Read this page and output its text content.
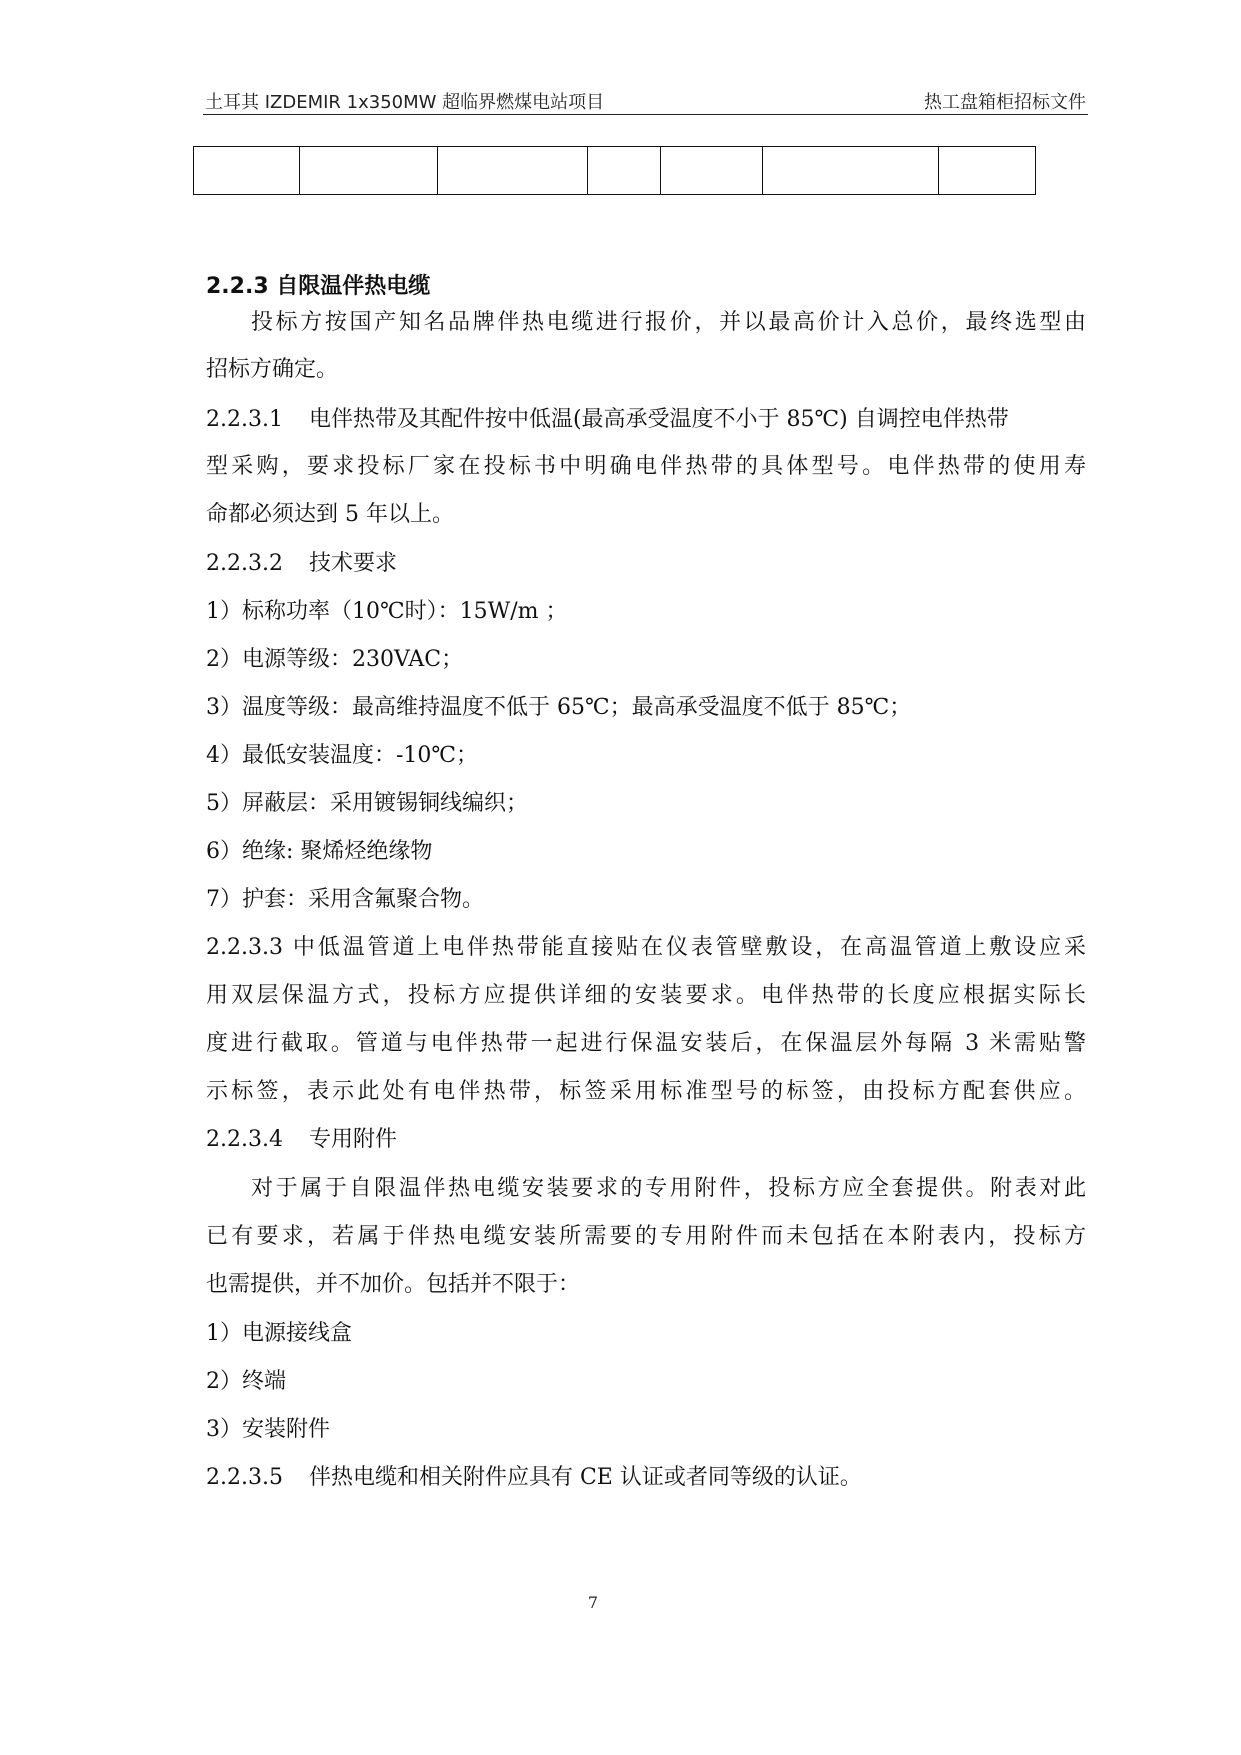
土耳其 IZDEMIR 1x350MW 超临界燃煤电站项目	热工盘箱柜招标文件

2.2.3 自限温伴热电缆
投标方按国产知名品牌伴热电缆进行报价，并以最高价计入总价，最终选型由
招标方确定。
2.2.3.1 电伴热带及其配件按中低温(最高承受温度不小于 85℃) 自调控电伴热带
型采购，要求投标厂家在投标书中明确电伴热带的具体型号。电伴热带的使用寿
命都必须达到 5 年以上。
2.2.3.2 技术要求
1）标称功率（10℃时）：15W/m ；
2）电源等级：230VAC；
3）温度等级：最高维持温度不低于 65℃；最高承受温度不低于 85℃；
4）最低安装温度：-10℃；
5）屏蔽层：采用镀锡铜线编织；
6）绝缘: 聚烯烃绝缘物
7）护套：采用含氟聚合物。
2.2.3.3 中低温管道上电伴热带能直接贴在仪表管壁敷设，在高温管道上敷设应采
用双层保温方式，投标方应提供详细的安装要求。电伴热带的长度应根据实际长
度进行截取。管道与电伴热带一起进行保温安装后，在保温层外每隔 3 米需贴警
示标签，表示此处有电伴热带，标签采用标准型号的标签，由投标方配套供应。
2.2.3.4 专用附件
对于属于自限温伴热电缆安装要求的专用附件，投标方应全套提供。附表对此
已有要求，若属于伴热电缆安装所需要的专用附件而未包括在本附表内，投标方
也需提供，并不加价。包括并不限于：
1）电源接线盒
2）终端
3）安装附件
2.2.3.5 伴热电缆和相关附件应具有 CE 认证或者同等级的认证。
7
